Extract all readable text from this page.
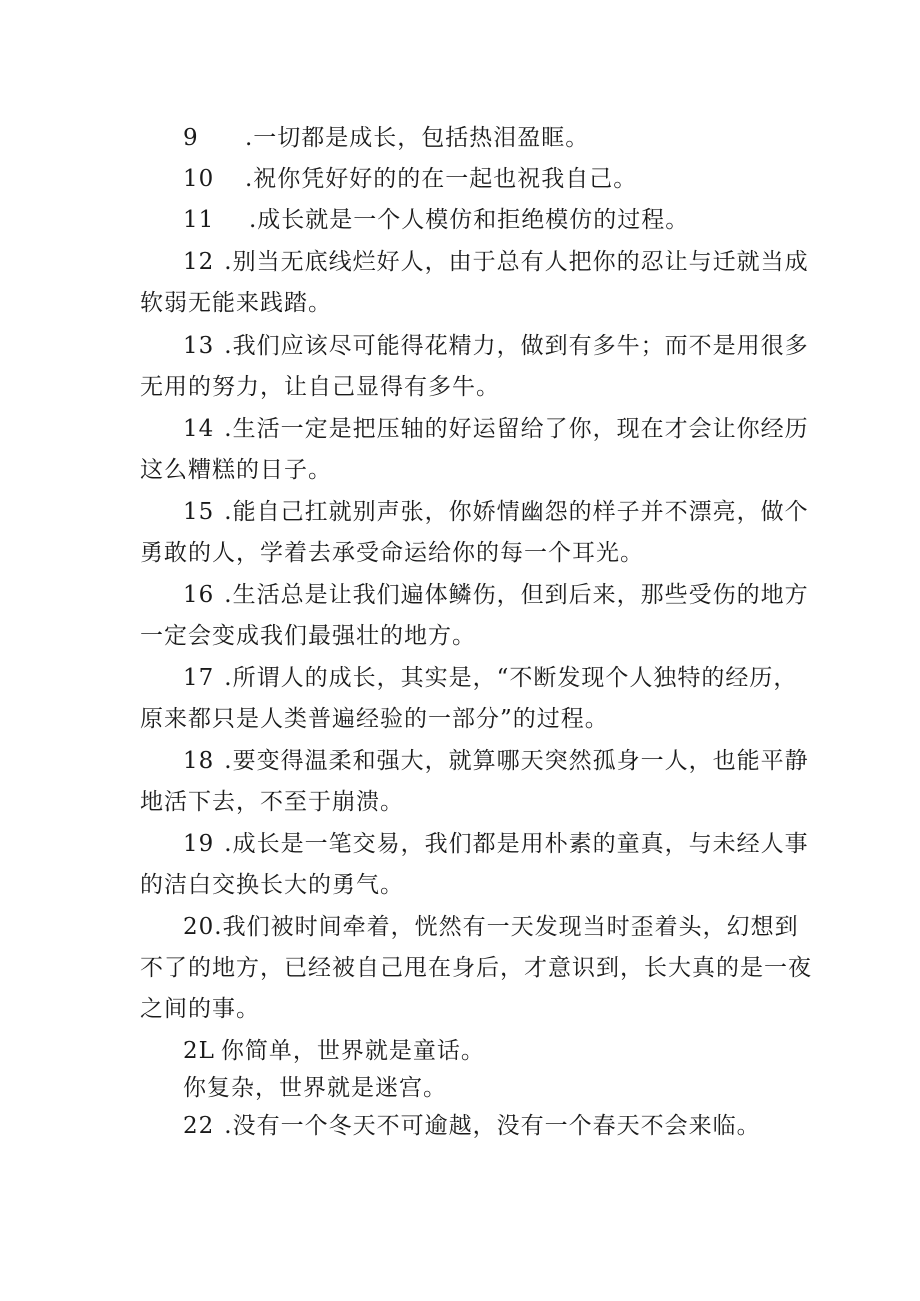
9 .一切都是成长，包括热泪盈眶。
10 .祝你凭好好的的在一起也祝我自己。
11 .成长就是一个人模仿和拒绝模仿的过程。
12 .别当无底线烂好人，由于总有人把你的忍让与迁就当成
软弱无能来践踏。
13 .我们应该尽可能得花精力，做到有多牛；而不是用很多
无用的努力，让自己显得有多牛。
14 .生活一定是把压轴的好运留给了你，现在才会让你经历
这么糟糕的日子。
15 .能自己扛就别声张，你娇情幽怨的样子并不漂亮，做个
勇敢的人，学着去承受命运给你的每一个耳光。
16 .生活总是让我们遍体鳞伤，但到后来，那些受伤的地方
一定会变成我们最强壮的地方。
17 .所谓人的成长，其实是，“不断发现个人独特的经历，
原来都只是人类普遍经验的一部分”的过程。
18 .要变得温柔和强大，就算哪天突然孤身一人，也能平静
地活下去，不至于崩溃。
19 .成长是一笔交易，我们都是用朴素的童真，与未经人事
的洁白交换长大的勇气。
20.我们被时间牵着，恍然有一天发现当时歪着头，幻想到
不了的地方，已经被自己甩在身后，才意识到，长大真的是一夜
之间的事。
2L 你简单，世界就是童话。
你复杂，世界就是迷宫。
22 .没有一个冬天不可逾越，没有一个春天不会来临。
